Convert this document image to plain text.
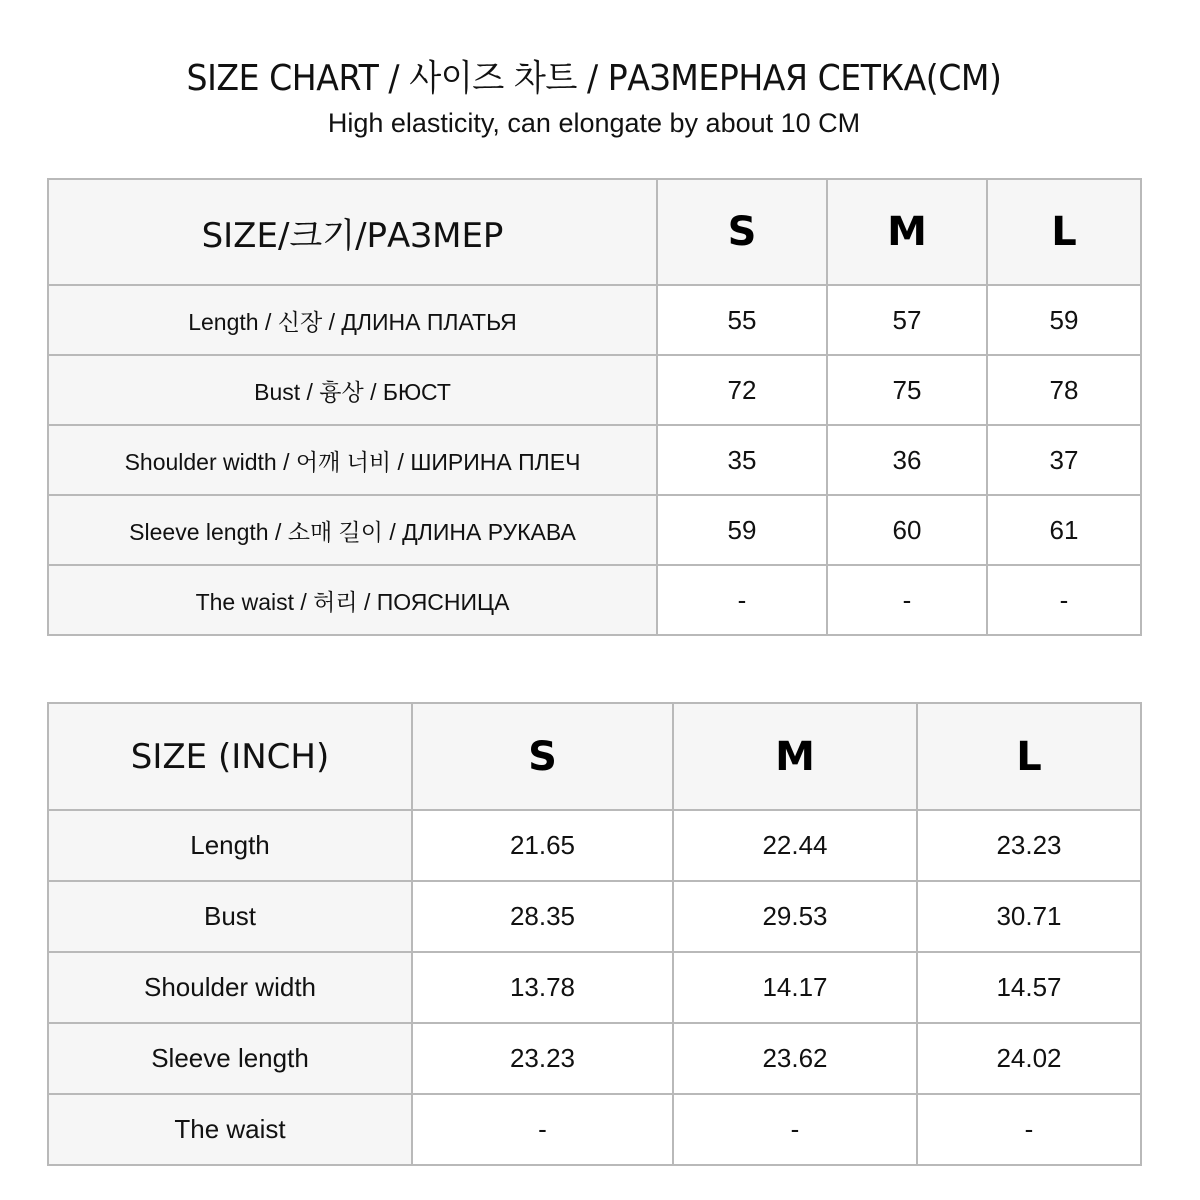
SIZE CHART / 사이즈 차트 / РАЗМЕРНАЯ СЕТКА(CM)
High elasticity, can elongate by about 10 CM
SIZE/크기/РАЗМЕР	S	M	L
Length / 신장 / ДЛИНА ПЛАТЬЯ	55	57	59
Bust / 흉상 / БЮСТ	72	75	78
Shoulder width / 어깨 너비 / ШИРИНА ПЛЕЧ	35	36	37
Sleeve length / 소매 길이 / ДЛИНА РУКАВА	59	60	61
The waist / 허리 / ПОЯСНИЦА	-	-	-
SIZE (INCH)	S	M	L
Length	21.65	22.44	23.23
Bust	28.35	29.53	30.71
Shoulder width	13.78	14.17	14.57
Sleeve length	23.23	23.62	24.02
The waist	-	-	-
